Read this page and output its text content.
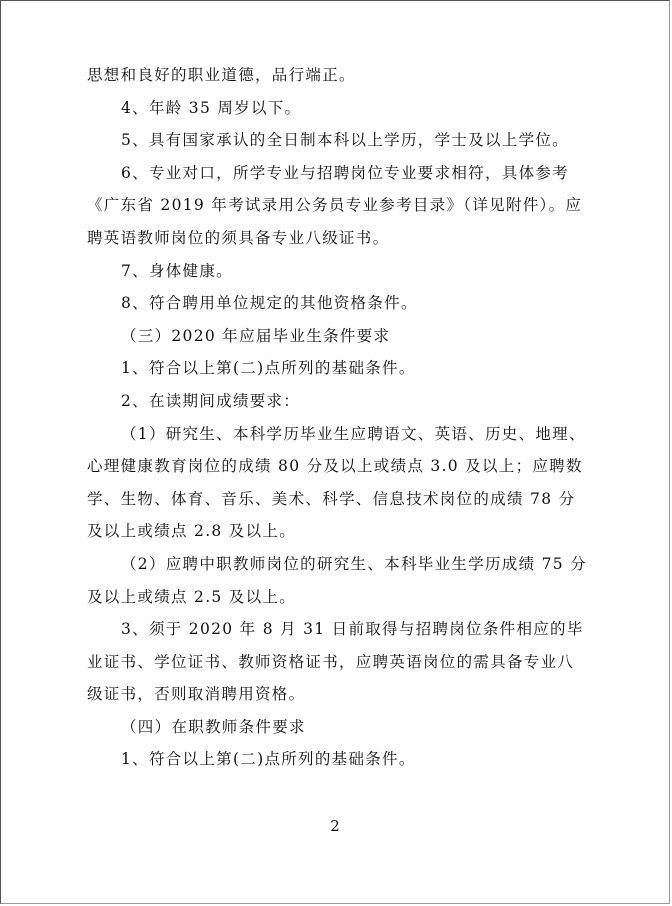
思想和良好的职业道德，品行端正。

4、年龄 35 周岁以下。

5、具有国家承认的全日制本科以上学历，学士及以上学位。

6、专业对口，所学专业与招聘岗位专业要求相符，具体参考《广东省 2019 年考试录用公务员专业参考目录》（详见附件）。应聘英语教师岗位的须具备专业八级证书。

7、身体健康。

8、符合聘用单位规定的其他资格条件。

（三）2020 年应届毕业生条件要求

1、符合以上第(二)点所列的基础条件。

2、在读期间成绩要求：

（1）研究生、本科学历毕业生应聘语文、英语、历史、地理、心理健康教育岗位的成绩 80 分及以上或绩点 3.0 及以上；应聘数学、生物、体育、音乐、美术、科学、信息技术岗位的成绩 78 分及以上或绩点 2.8 及以上。

（2）应聘中职教师岗位的研究生、本科毕业生学历成绩 75 分及以上或绩点 2.5 及以上。

3、须于 2020 年 8 月 31 日前取得与招聘岗位条件相应的毕业证书、学位证书、教师资格证书，应聘英语岗位的需具备专业八级证书，否则取消聘用资格。

（四）在职教师条件要求

1、符合以上第(二)点所列的基础条件。

2
